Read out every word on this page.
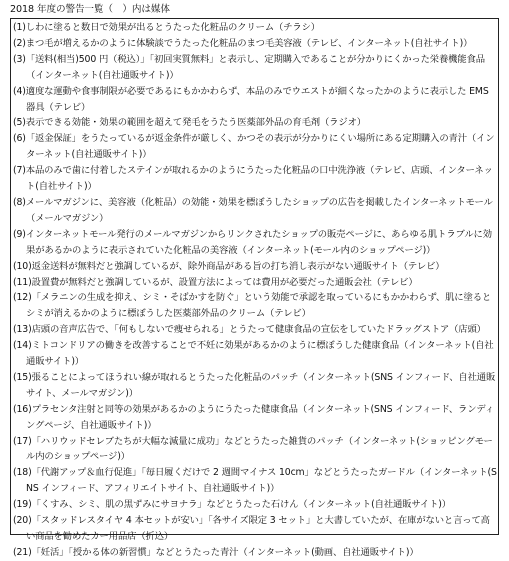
2018 年度の警告一覧（　）内は媒体
(1)しわに塗ると数日で効果が出るとうたった化粧品のクリーム（チラシ）
(2)まつ毛が増えるかのように体験談でうたった化粧品のまつ毛美容液（テレビ、インターネット(自社サイト)）
(3)「送料(相当)500 円（税込）」「初回実質無料」と表示し、定期購入であることが分かりにくかった栄養機能食品（インターネット(自社通販サイト)）
(4)適度な運動や食事制限が必要であるにもかかわらず、本品のみでウエストが細くなったかのように表示した EMS 器具（テレビ）
(5)表示できる効能・効果の範囲を超えて発毛をうたう医薬部外品の育毛剤（ラジオ）
(6)「返金保証」をうたっているが返金条件が厳しく、かつその表示が分かりにくい場所にある定期購入の青汁（インターネット(自社通販サイト)）
(7)本品のみで歯に付着したステインが取れるかのようにうたった化粧品の口中洗浄液（テレビ、店頭、インターネット(自社サイト)）
(8)メールマガジンに、美容液（化粧品）の効能・効果を標ぼうしたショップの広告を掲載したインターネットモール（メールマガジン）
(9)インターネットモール発行のメールマガジンからリンクされたショップの販売ページに、あらゆる肌トラブルに効果があるかのように表示されていた化粧品の美容液（インターネット(モール内のショップページ)）
(10)返金送料が無料だと強調しているが、除外商品がある旨の打ち消し表示がない通販サイト（テレビ）
(11)設置費が無料だと強調しているが、設置方法によっては費用が必要だった通販会社（テレビ）
(12)「メラニンの生成を抑え、シミ・そばかすを防ぐ」という効能で承認を取っているにもかかわらず、肌に塗るとシミが消えるかのように標ぼうした医薬部外品のクリーム（テレビ）
(13)店頭の音声広告で、「何もしないで痩せられる」とうたって健康食品の宣伝をしていたドラッグストア（店頭）
(14)ミトコンドリアの働きを改善することで不妊に効果があるかのように標ぼうした健康食品（インターネット(自社通販サイト)）
(15)張ることによってほうれい線が取れるとうたった化粧品のパッチ（インターネット(SNS インフィード、自社通販サイト、メールマガジン)）
(16)プラセンタ注射と同等の効果があるかのようにうたった健康食品（インターネット(SNS インフィード、ランディングページ、自社通販サイト)）
(17)「ハリウッドセレブたちが大幅な減量に成功」などとうたった雑貨のパッチ（インターネット(ショッピングモール内のショップページ)）
(18)「代謝アップ＆血行促進」「毎日履くだけで 2 週間マイナス 10cm」などとうたったガードル（インターネット(SNS インフィード、アフィリエイトサイト、自社通販サイト)）
(19)「くすみ、シミ、肌の黒ずみにサヨナラ」などとうたった石けん（インターネット(自社通販サイト)）
(20)「スタッドレスタイヤ 4 本セットが安い」「各サイズ限定 3 セット」と大書していたが、在庫がないと言って高い商品を勧めたカー用品店（折込）
(21)「妊活」「授かる体の新習慣」などとうたった青汁（インターネット(動画、自社通販サイト)）
